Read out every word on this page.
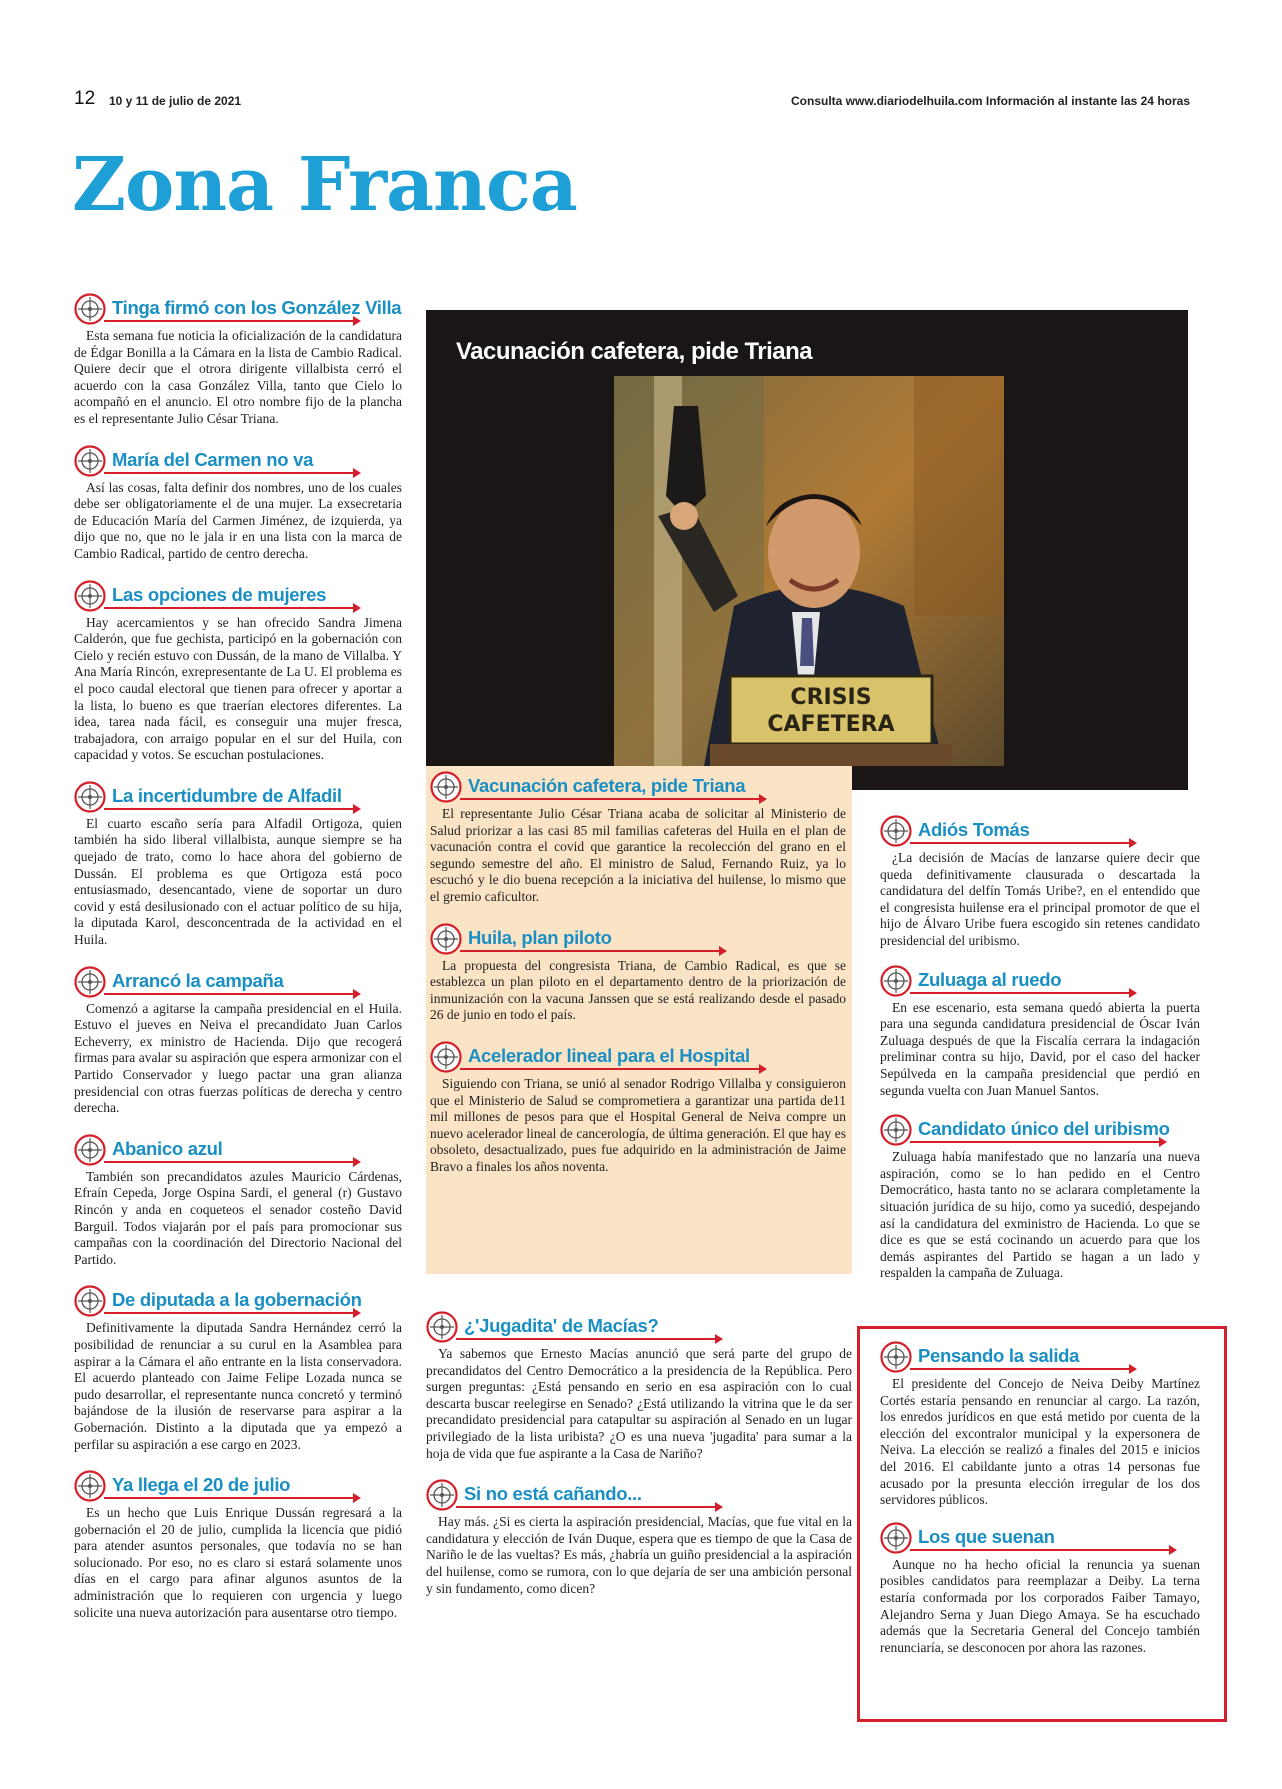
12 10 y 11 de julio de 2021	Consulta www.diariodelhuila.com Información al instante las 24 horas
Zona Franca
Vacunación cafetera, pide Triana
CRISIS
CAFETERA
Tinga firmó con los González Villa

Esta semana fue noticia la oficialización de la candidatura de Édgar Bonilla a la Cámara en la lista de Cambio Radical. Quiere decir que el otrora dirigente villalbista cerró el acuerdo con la casa González Villa, tanto que Cielo lo acompañó en el anuncio. El otro nombre fijo de la plancha es el representante Julio César Triana.

María del Carmen no va

Así las cosas, falta definir dos nombres, uno de los cuales debe ser obligatoriamente el de una mujer. La exsecretaria de Educación María del Carmen Jiménez, de izquierda, ya dijo que no, que no le jala ir en una lista con la marca de Cambio Radical, partido de centro derecha.

Las opciones de mujeres

Hay acercamientos y se han ofrecido Sandra Jimena Calderón, que fue gechista, participó en la gobernación con Cielo y recién estuvo con Dussán, de la mano de Villalba. Y Ana María Rincón, exrepresentante de La U. El problema es el poco caudal electoral que tienen para ofrecer y aportar a la lista, lo bueno es que traerían electores diferentes. La idea, tarea nada fácil, es conseguir una mujer fresca, trabajadora, con arraigo popular en el sur del Huila, con capacidad y votos. Se escuchan postulaciones.

La incertidumbre de Alfadil

El cuarto escaño sería para Alfadil Ortigoza, quien también ha sido liberal villalbista, aunque siempre se ha quejado de trato, como lo hace ahora del gobierno de Dussán. El problema es que Ortigoza está poco entusiasmado, desencantado, viene de soportar un duro covid y está desilusionado con el actuar político de su hija, la diputada Karol, desconcentrada de la actividad en el Huila.

Arrancó la campaña

Comenzó a agitarse la campaña presidencial en el Huila. Estuvo el jueves en Neiva el precandidato Juan Carlos Echeverry, ex ministro de Hacienda. Dijo que recogerá firmas para avalar su aspiración que espera armonizar con el Partido Conservador y luego pactar una gran alianza presidencial con otras fuerzas políticas de derecha y centro derecha.

Abanico azul

También son precandidatos azules Mauricio Cárdenas, Efraín Cepeda, Jorge Ospina Sardi, el general (r) Gustavo Rincón y anda en coqueteos el senador costeño David Barguil. Todos viajarán por el país para promocionar sus campañas con la coordinación del Directorio Nacional del Partido.

De diputada a la gobernación

Definitivamente la diputada Sandra Hernández cerró la posibilidad de renunciar a su curul en la Asamblea para aspirar a la Cámara el año entrante en la lista conservadora. El acuerdo planteado con Jaime Felipe Lozada nunca se pudo desarrollar, el representante nunca concretó y terminó bajándose de la ilusión de reservarse para aspirar a la Gobernación. Distinto a la diputada que ya empezó a perfilar su aspiración a ese cargo en 2023.

Ya llega el 20 de julio

Es un hecho que Luis Enrique Dussán regresará a la gobernación el 20 de julio, cumplida la licencia que pidió para atender asuntos personales, que todavía no se han solucionado. Por eso, no es claro si estará solamente unos días en el cargo para afinar algunos asuntos de la administración que lo requieren con urgencia y luego solicite una nueva autorización para ausentarse otro tiempo.

Vacunación cafetera, pide Triana

El representante Julio César Triana acaba de solicitar al Ministerio de Salud priorizar a las casi 85 mil familias cafeteras del Huila en el plan de vacunación contra el covid que garantice la recolección del grano en el segundo semestre del año. El ministro de Salud, Fernando Ruiz, ya lo escuchó y le dio buena recepción a la iniciativa del huilense, lo mismo que el gremio caficultor.

Huila, plan piloto

La propuesta del congresista Triana, de Cambio Radical, es que se establezca un plan piloto en el departamento dentro de la priorización de inmunización con la vacuna Janssen que se está realizando desde el pasado 26 de junio en todo el país.

Acelerador lineal para el Hospital

Siguiendo con Triana, se unió al senador Rodrigo Villalba y consiguieron que el Ministerio de Salud se comprometiera a garantizar una partida de11 mil millones de pesos para que el Hospital General de Neiva compre un nuevo acelerador lineal de cancerología, de última generación. El que hay es obsoleto, desactualizado, pues fue adquirido en la administración de Jaime Bravo a finales los años noventa.

¿'Jugadita' de Macías?

Ya sabemos que Ernesto Macías anunció que será parte del grupo de precandidatos del Centro Democrático a la presidencia de la República. Pero surgen preguntas: ¿Está pensando en serio en esa aspiración con lo cual descarta buscar reelegirse en Senado? ¿Está utilizando la vitrina que le da ser precandidato presidencial para catapultar su aspiración al Senado en un lugar privilegiado de la lista uribista? ¿O es una nueva 'jugadita' para sumar a la hoja de vida que fue aspirante a la Casa de Nariño?

Si no está cañando...

Hay más. ¿Si es cierta la aspiración presidencial, Macías, que fue vital en la candidatura y elección de Iván Duque, espera que es tiempo de que la Casa de Nariño le de las vueltas? Es más, ¿habría un guiño presidencial a la aspiración del huilense, como se rumora, con lo que dejaría de ser una ambición personal y sin fundamento, como dicen?

Adiós Tomás

¿La decisión de Macías de lanzarse quiere decir que queda definitivamente clausurada o descartada la candidatura del delfín Tomás Uribe?, en el entendido que el congresista huilense era el principal promotor de que el hijo de Álvaro Uribe fuera escogido sin retenes candidato presidencial del uribismo.

Zuluaga al ruedo

En ese escenario, esta semana quedó abierta la puerta para una segunda candidatura presidencial de Óscar Iván Zuluaga después de que la Fiscalía cerrara la indagación preliminar contra su hijo, David, por el caso del hacker Sepúlveda en la campaña presidencial que perdió en segunda vuelta con Juan Manuel Santos.

Candidato único del uribismo

Zuluaga había manifestado que no lanzaría una nueva aspiración, como se lo han pedido en el Centro Democrático, hasta tanto no se aclarara completamente la situación jurídica de su hijo, como ya sucedió, despejando así la candidatura del exministro de Hacienda. Lo que se dice es que se está cocinando un acuerdo para que los demás aspirantes del Partido se hagan a un lado y respalden la campaña de Zuluaga.

Pensando la salida

El presidente del Concejo de Neiva Deiby Martínez Cortés estaría pensando en renunciar al cargo. La razón, los enredos jurídicos en que está metido por cuenta de la elección del excontralor municipal y la expersonera de Neiva. La elección se realizó a finales del 2015 e inicios del 2016. El cabildante junto a otras 14 personas fue acusado por la presunta elección irregular de los dos servidores públicos.

Los que suenan

Aunque no ha hecho oficial la renuncia ya suenan posibles candidatos para reemplazar a Deiby. La terna estaría conformada por los corporados Faiber Tamayo, Alejandro Serna y Juan Diego Amaya. Se ha escuchado además que la Secretaria General del Concejo también renunciaría, se desconocen por ahora las razones.
